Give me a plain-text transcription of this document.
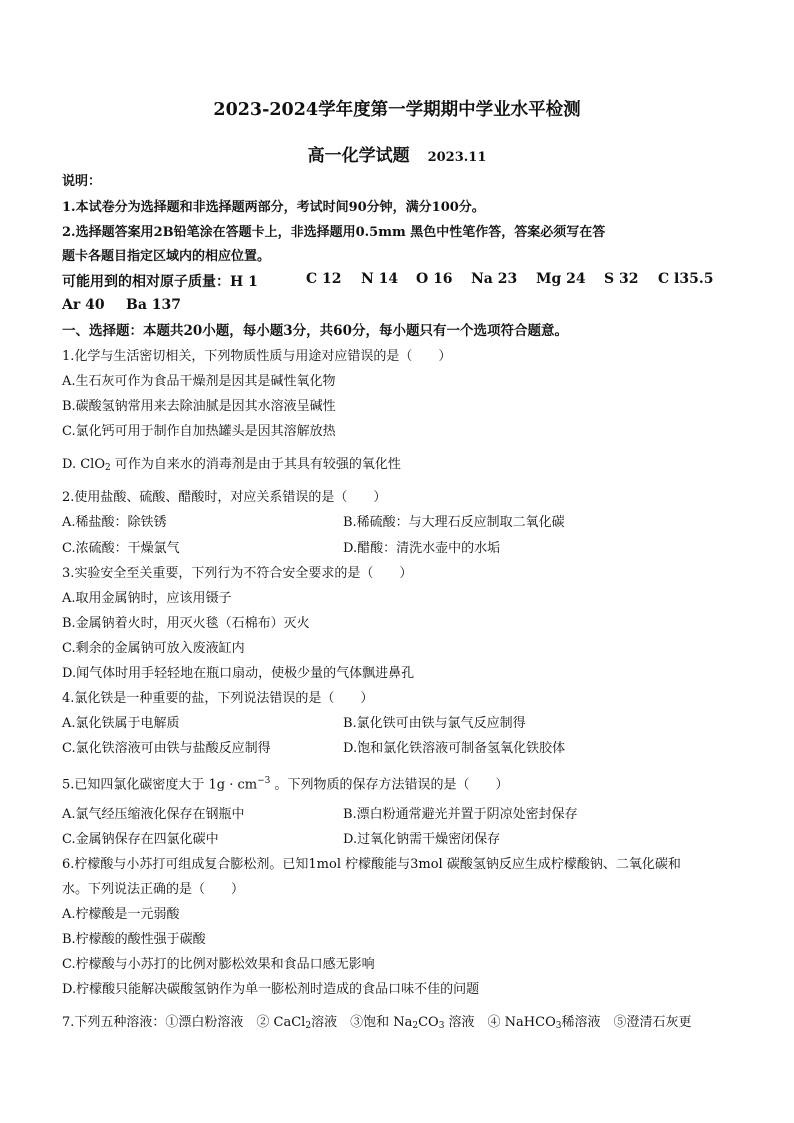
2023-2024学年度第一学期期中学业水平检测
高一化学试题 2023.11
说明：
1.本试卷分为选择题和非选择题两部分，考试时间90分钟，满分100分。
2.选择题答案用2B铅笔涂在答题卡上，非选择题用0.5mm 黑色中性笔作答，答案必须写在答
题卡各题目指定区域内的相应位置。
可能用到的相对原子质量：H 1	C 12 N 14 O 16 Na 23 Mg 24 S 32 C l35.5
Ar 40 Ba 137
一、选择题：本题共20小题，每小题3分，共60分，每小题只有一个选项符合题意。
1.化学与生活密切相关，下列物质性质与用途对应错误的是（　　）
A.生石灰可作为食品干燥剂是因其是碱性氧化物
B.碳酸氢钠常用来去除油腻是因其水溶液呈碱性
C.氯化钙可用于制作自加热罐头是因其溶解放热
D. ClO$_2$ 可作为自来水的消毒剂是由于其具有较强的氧化性
2.使用盐酸、硫酸、醋酸时，对应关系错误的是（　　）
A.稀盐酸：除铁锈	B.稀硫酸：与大理石反应制取二氧化碳
C.浓硫酸：干燥氯气	D.醋酸：清洗水壶中的水垢
3.实验安全至关重要，下列行为不符合安全要求的是（　　）
A.取用金属钠时，应该用镊子
B.金属钠着火时，用灭火毯（石棉布）灭火
C.剩余的金属钠可放入废液缸内
D.闻气体时用手轻轻地在瓶口扇动，使极少量的气体飘进鼻孔
4.氯化铁是一种重要的盐，下列说法错误的是（　　）
A.氯化铁属于电解质	B.氯化铁可由铁与氯气反应制得
C.氯化铁溶液可由铁与盐酸反应制得	D.饱和氯化铁溶液可制备氢氧化铁胶体
5.已知四氯化碳密度大于 $1g \cdot cm^{-3}$ 。下列物质的保存方法错误的是（　　）
A.氯气经压缩液化保存在钢瓶中	B.漂白粉通常避光并置于阴凉处密封保存
C.金属钠保存在四氯化碳中	D.过氧化钠需干燥密闭保存
6.柠檬酸与小苏打可组成复合膨松剂。已知1mol 柠檬酸能与3mol 碳酸氢钠反应生成柠檬酸钠、二氧化碳和
水。下列说法正确的是（　　）
A.柠檬酸是一元弱酸
B.柠檬酸的酸性强于碳酸
C.柠檬酸与小苏打的比例对膨松效果和食品口感无影响
D.柠檬酸只能解决碳酸氢钠作为单一膨松剂时造成的食品口味不佳的问题
7.下列五种溶液：①漂白粉溶液　② CaCl$_2$溶液　③饱和 $Na_2CO_3$ 溶液　④ NaHCO$_3$稀溶液　⑤澄清石灰更
